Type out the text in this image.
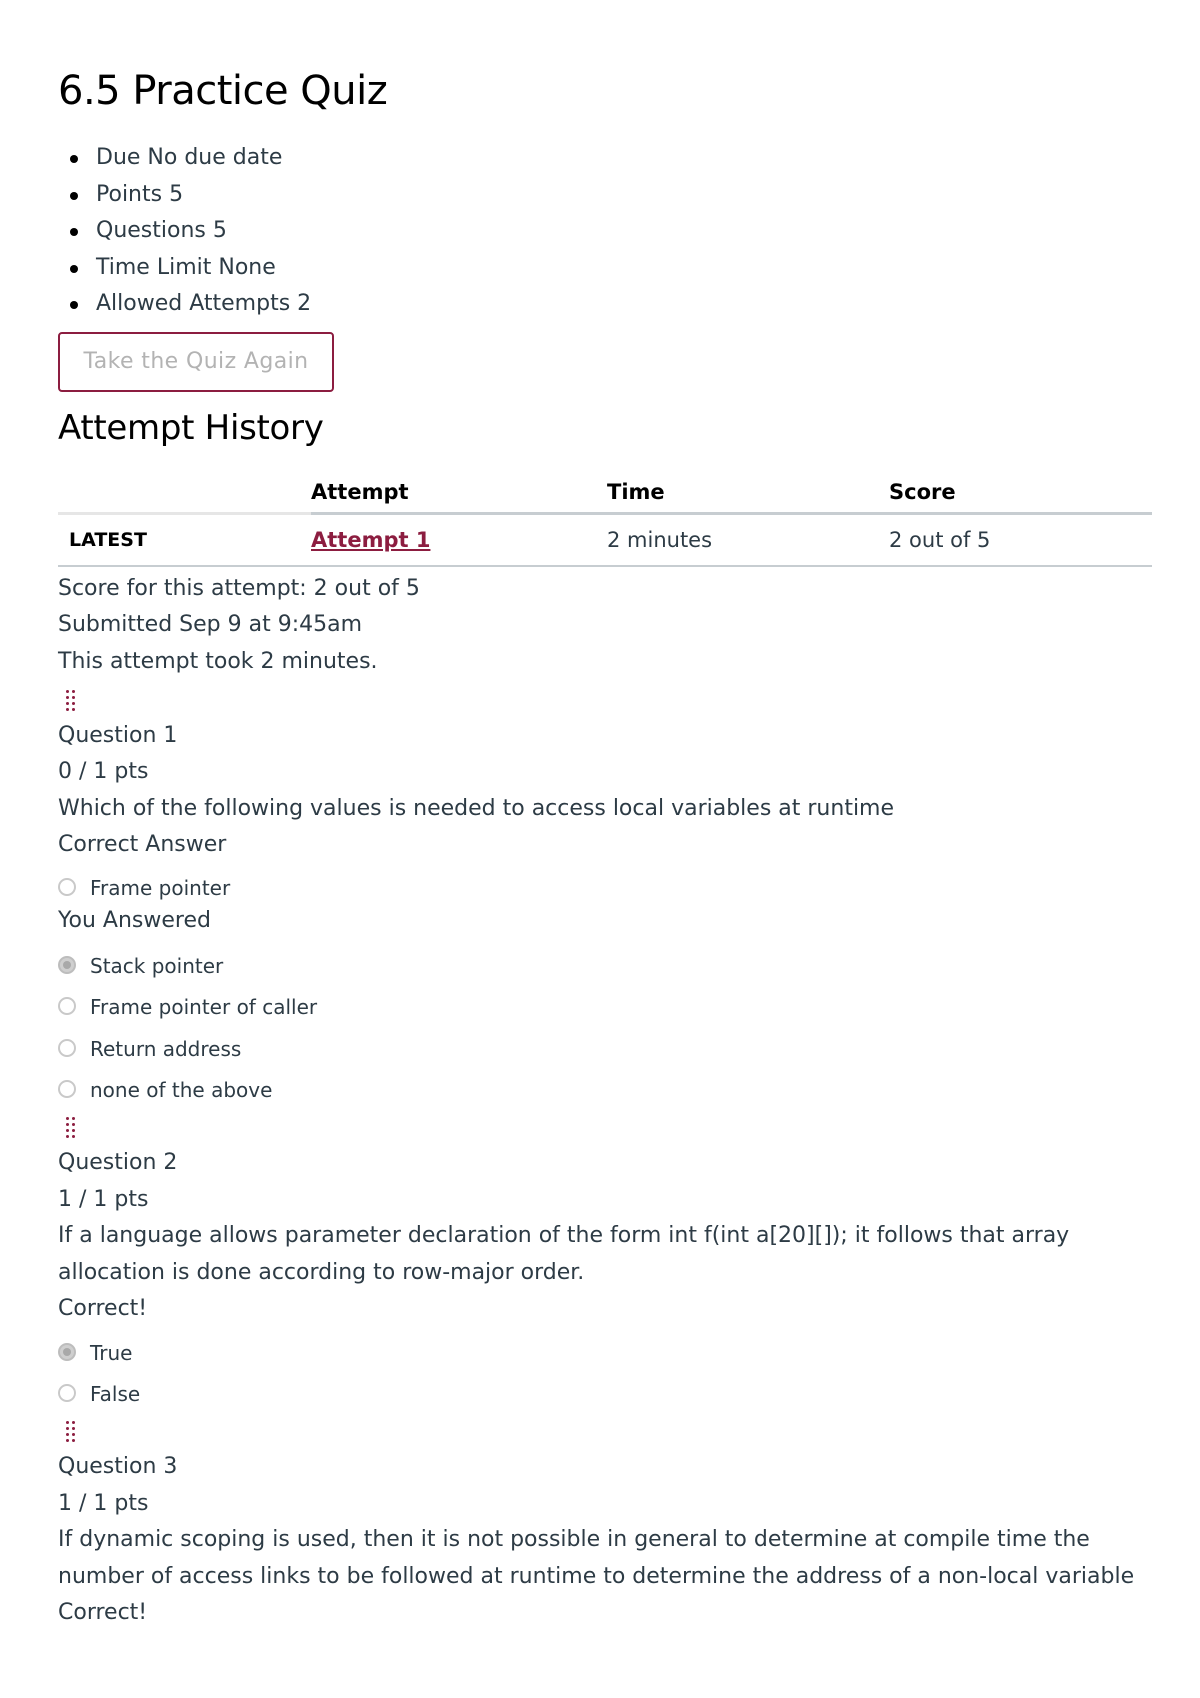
6.5 Practice Quiz
Due No due date
Points 5
Questions 5
Time Limit None
Allowed Attempts 2
Take the Quiz Again
Attempt History
	Attempt	Time	Score
LATEST	Attempt 1	2 minutes	2 out of 5
Score for this attempt: 2 out of 5
Submitted Sep 9 at 9:45am
This attempt took 2 minutes.
Question 1
0 / 1 pts
Which of the following values is needed to access local variables at runtime
Correct Answer
Frame pointer
You Answered
Stack pointer
Frame pointer of caller
Return address
none of the above
Question 2
1 / 1 pts
If a language allows parameter declaration of the form int f(int a[20][]); it follows that array allocation is done according to row-major order.
Correct!
True
False
Question 3
1 / 1 pts
If dynamic scoping is used, then it is not possible in general to determine at compile time the number of access links to be followed at runtime to determine the address of a non-local variable
Correct!
